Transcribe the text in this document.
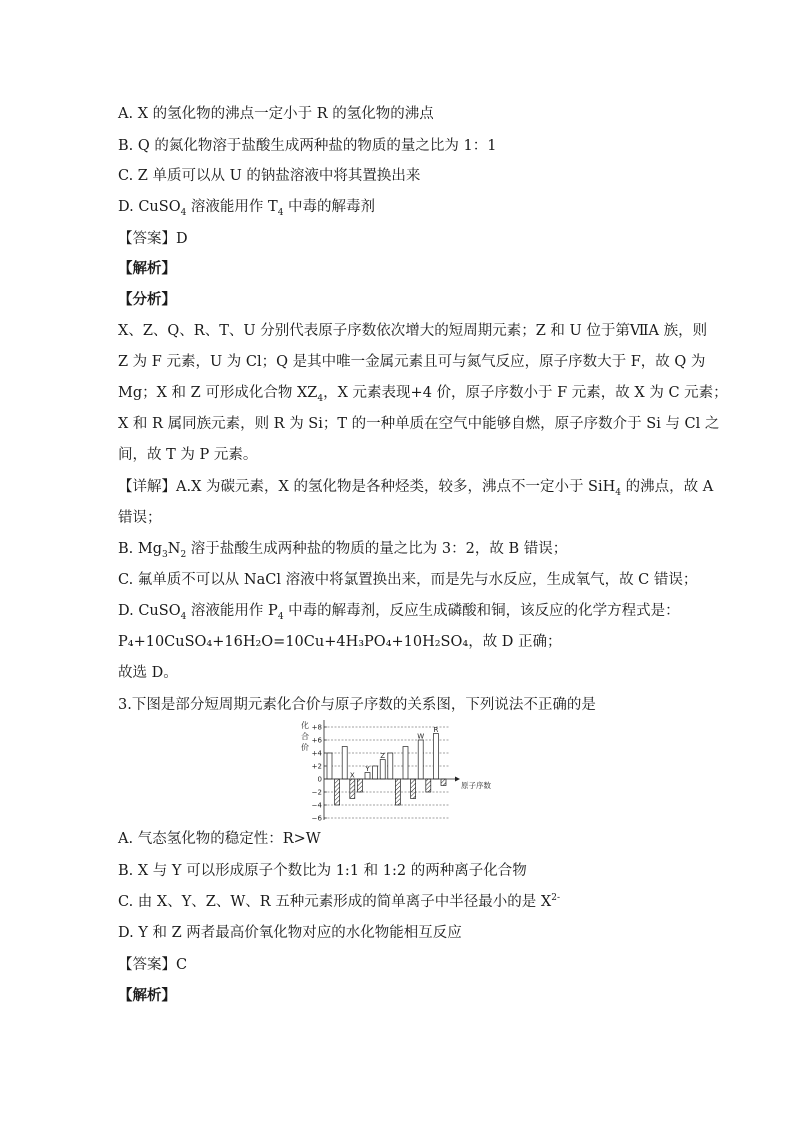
A. X 的氢化物的沸点一定小于 R 的氢化物的沸点
B. Q 的氮化物溶于盐酸生成两种盐的物质的量之比为 1：1
C. Z 单质可以从 U 的钠盐溶液中将其置换出来
D. CuSO$_4$ 溶液能用作 $T_4$ 中毒的解毒剂
【答案】D
【解析】
【分析】
X、Z、Q、R、T、U 分别代表原子序数依次增大的短周期元素；Z 和 U 位于第ⅦA 族，则
Z 为 F 元素，U 为 Cl；Q 是其中唯一金属元素且可与氮气反应，原子序数大于 F，故 Q 为
Mg；X 和 Z 可形成化合物 $XZ_4$，X 元素表现+4 价，原子序数小于 F 元素，故 X 为 C 元素；
X 和 R 属同族元素，则 R 为 Si；T 的一种单质在空气中能够自燃，原子序数介于 Si 与 Cl 之
间，故 T 为 P 元素。
【详解】A.X 为碳元素，X 的氢化物是各种烃类，较多，沸点不一定小于 SiH$_4$ 的沸点，故 A
错误；
B. $Mg_3N_2$ 溶于盐酸生成两种盐的物质的量之比为 3：2，故 B 错误；
C. 氟单质不可以从 NaCl 溶液中将氯置换出来，而是先与水反应，生成氧气，故 C 错误；
D. CuSO$_4$ 溶液能用作 $P_4$ 中毒的解毒剂，反应生成磷酸和铜，该反应的化学方程式是：
P₄+10CuSO₄+16H₂O=10Cu+4H₃PO₄+10H₂SO₄，故 D 正确；
故选 D。
3.下图是部分短周期元素化合价与原子序数的关系图，下列说法不正确的是
+8
+6
+4
+2
0
−2
−4
−6
化
合
价
原子序数
X
Y
Z
W
R
A. 气态氢化物的稳定性：R>W
B. X 与 Y 可以形成原子个数比为 1:1 和 1:2 的两种离子化合物
C. 由 X、Y、Z、W、R 五种元素形成的简单离子中半径最小的是 $X^{2-}$
D. Y 和 Z 两者最高价氧化物对应的水化物能相互反应
【答案】C
【解析】
